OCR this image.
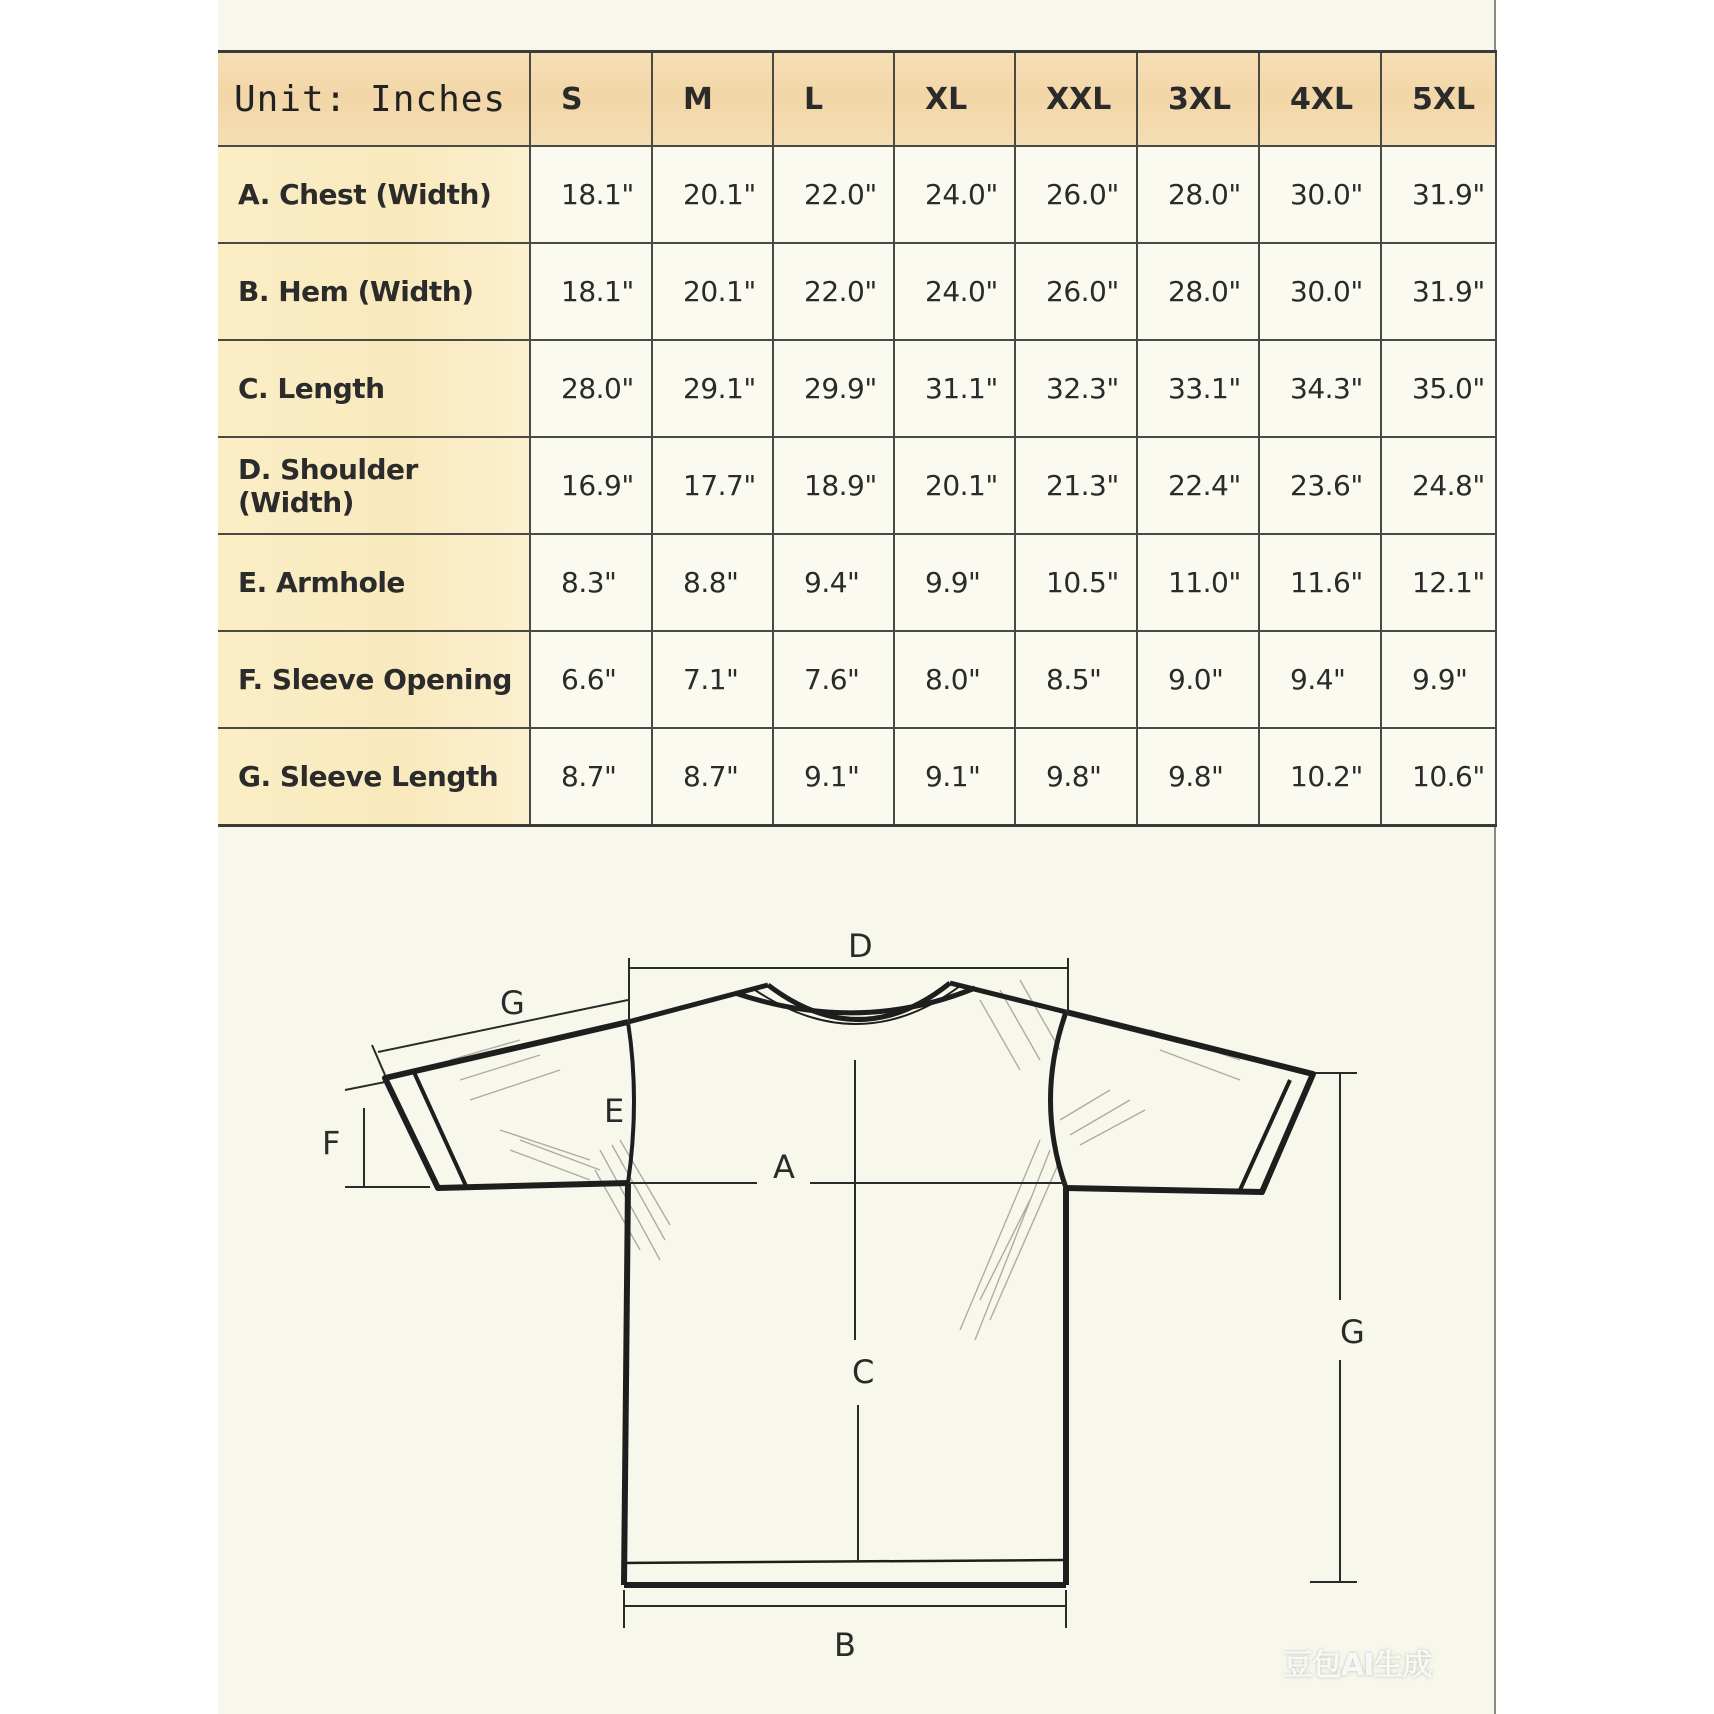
Unit: Inches	S	M	L	XL	XXL	3XL	4XL	5XL
A. Chest (Width)	18.1"	20.1"	22.0"	24.0"	26.0"	28.0"	30.0"	31.9"
B. Hem (Width)	18.1"	20.1"	22.0"	24.0"	26.0"	28.0"	30.0"	31.9"
C. Length	28.0"	29.1"	29.9"	31.1"	32.3"	33.1"	34.3"	35.0"
D. Shoulder (Width)	16.9"	17.7"	18.9"	20.1"	21.3"	22.4"	23.6"	24.8"
E. Armhole	8.3"	8.8"	9.4"	9.9"	10.5"	11.0"	11.6"	12.1"
F. Sleeve Opening	6.6"	7.1"	7.6"	8.0"	8.5"	9.0"	9.4"	9.9"
G. Sleeve Length	8.7"	8.7"	9.1"	9.1"	9.8"	9.8"	10.2"	10.6"
D
G
E
F
A
C
B
G
豆包AI生成
